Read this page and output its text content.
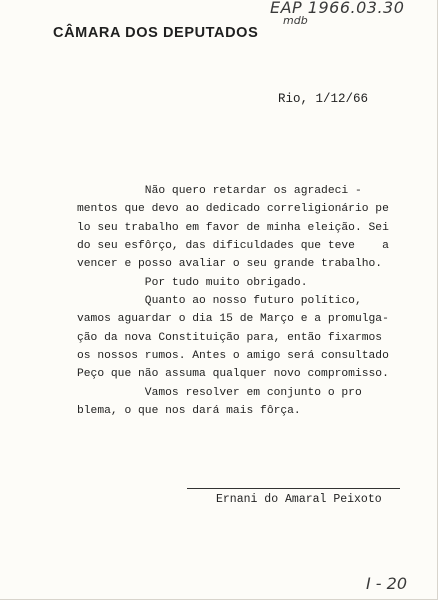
CÂMARA DOS DEPUTADOS
EAP 1966.03.30
mdb
Rio, 1/12/66
Não quero retardar os agradeci -
mentos que devo ao dedicado correligionário pe
lo seu trabalho em favor de minha eleição. Sei
do seu esfôrço, das dificuldades que teve    a
vencer e posso avaliar o seu grande trabalho.
Por tudo muito obrigado.
Quanto ao nosso futuro político,
vamos aguardar o dia 15 de Março e a promulga-
ção da nova Constituição para, então fixarmos
os nossos rumos. Antes o amigo será consultado
Peço que não assuma qualquer novo compromisso.
Vamos resolver em conjunto o pro
blema, o que nos dará mais fôrça.
Ernani do Amaral Peixoto
I - 20
